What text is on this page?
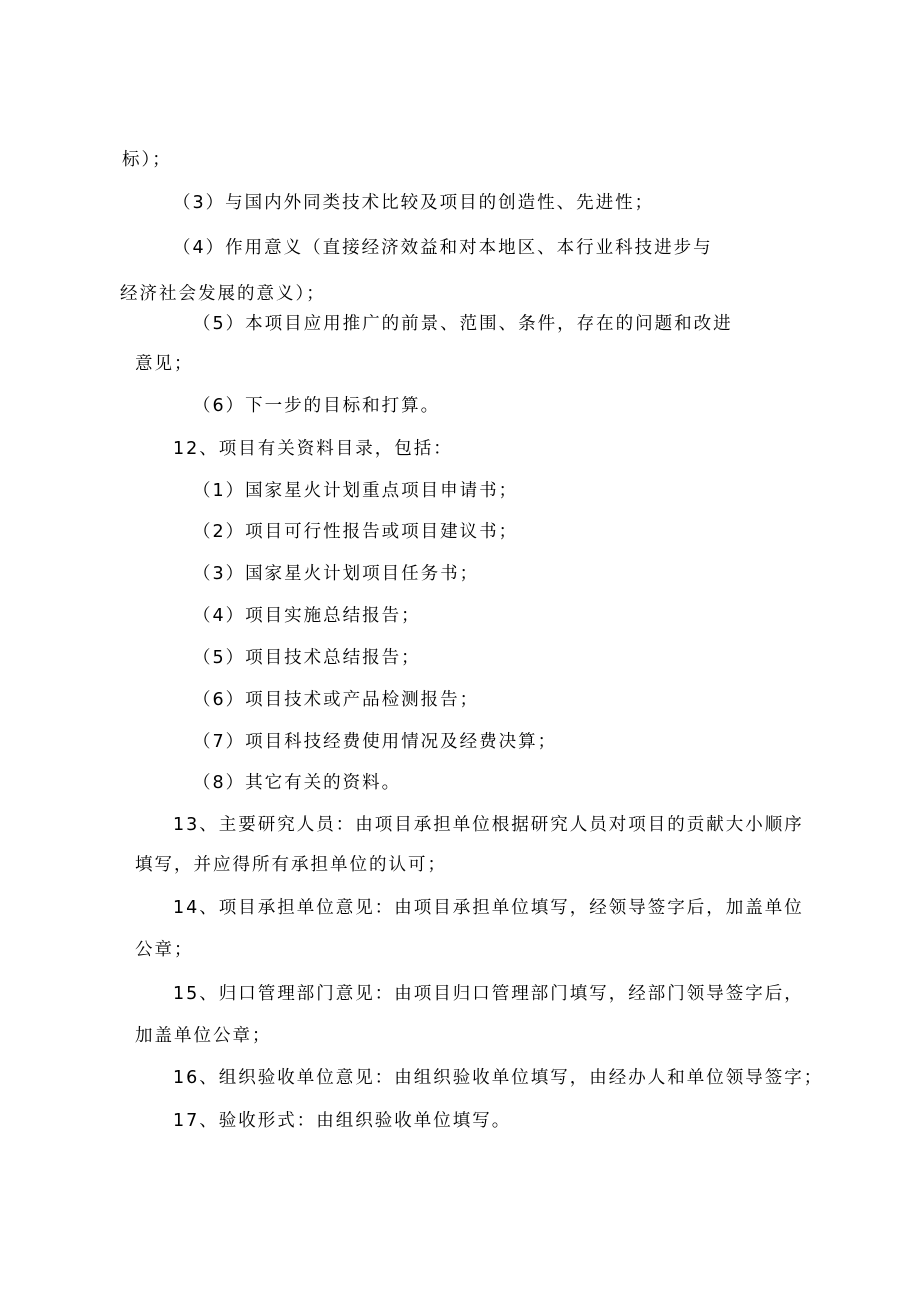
标）；
（3）与国内外同类技术比较及项目的创造性、先进性；
（4）作用意义（直接经济效益和对本地区、本行业科技进步与
经济社会发展的意义）；
（5）本项目应用推广的前景、范围、条件，存在的问题和改进
意见；
（6）下一步的目标和打算。
12、项目有关资料目录，包括：
（1）国家星火计划重点项目申请书；
（2）项目可行性报告或项目建议书；
（3）国家星火计划项目任务书；
（4）项目实施总结报告；
（5）项目技术总结报告；
（6）项目技术或产品检测报告；
（7）项目科技经费使用情况及经费决算；
（8）其它有关的资料。
13、主要研究人员：由项目承担单位根据研究人员对项目的贡献大小顺序
填写，并应得所有承担单位的认可；
14、项目承担单位意见：由项目承担单位填写，经领导签字后，加盖单位
公章；
15、归口管理部门意见：由项目归口管理部门填写，经部门领导签字后，
加盖单位公章；
16、组织验收单位意见：由组织验收单位填写，由经办人和单位领导签字；
17、验收形式：由组织验收单位填写。
